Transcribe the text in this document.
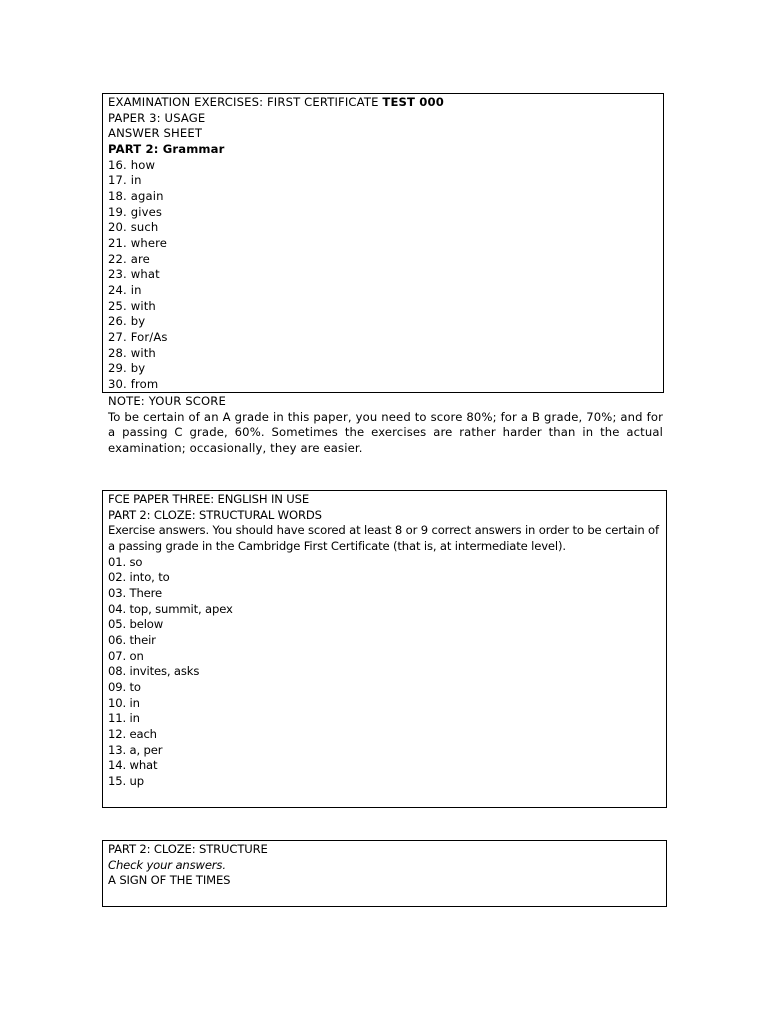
EXAMINATION EXERCISES: FIRST CERTIFICATE TEST 000
PAPER 3: USAGE
ANSWER SHEET
PART 2: Grammar
16. how
17. in
18. again
19. gives
20. such
21. where
22. are
23. what
24. in
25. with
26. by
27. For/As
28. with
29. by
30. from
NOTE: YOUR SCORE
To be certain of an A grade in this paper, you need to score 80%; for a B grade, 70%; and for a passing C grade, 60%. Sometimes the exercises are rather harder than in the actual examination; occasionally, they are easier.
FCE PAPER THREE: ENGLISH IN USE
PART 2: CLOZE: STRUCTURAL WORDS
Exercise answers. You should have scored at least 8 or 9 correct answers in order to be certain of a passing grade in the Cambridge First Certificate (that is, at intermediate level).
01. so
02. into, to
03. There
04. top, summit, apex
05. below
06. their
07. on
08. invites, asks
09. to
10. in
11. in
12. each
13. a, per
14. what
15. up
PART 2: CLOZE: STRUCTURE
Check your answers.
A SIGN OF THE TIMES
